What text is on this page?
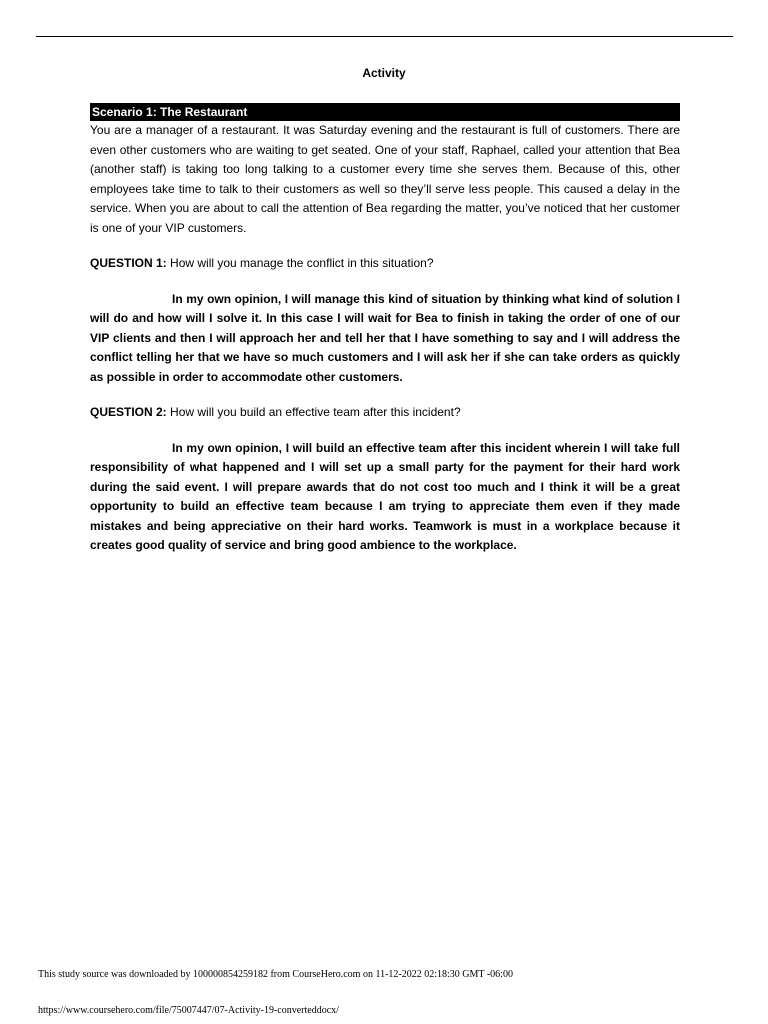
Activity
Scenario 1: The Restaurant

You are a manager of a restaurant. It was Saturday evening and the restaurant is full of customers. There are even other customers who are waiting to get seated. One of your staff, Raphael, called your attention that Bea (another staff) is taking too long talking to a customer every time she serves them. Because of this, other employees take time to talk to their customers as well so they’ll serve less people. This caused a delay in the service. When you are about to call the attention of Bea regarding the matter, you’ve noticed that her customer is one of your VIP customers.

QUESTION 1: How will you manage the conflict in this situation?

In my own opinion, I will manage this kind of situation by thinking what kind of solution I will do and how will I solve it. In this case I will wait for Bea to finish in taking the order of one of our VIP clients and then I will approach her and tell her that I have something to say and I will address the conflict telling her that we have so much customers and I will ask her if she can take orders as quickly as possible in order to accommodate other customers.

QUESTION 2: How will you build an effective team after this incident?

In my own opinion, I will build an effective team after this incident wherein I will take full responsibility of what happened and I will set up a small party for the payment for their hard work during the said event. I will prepare awards that do not cost too much and I think it will be a great opportunity to build an effective team because I am trying to appreciate them even if they made mistakes and being appreciative on their hard works. Teamwork is must in a workplace because it creates good quality of service and bring good ambience to the workplace.

This study source was downloaded by 100000854259182 from CourseHero.com on 11-12-2022 02:18:30 GMT -06:00
https://www.coursehero.com/file/75007447/07-Activity-19-converteddocx/
